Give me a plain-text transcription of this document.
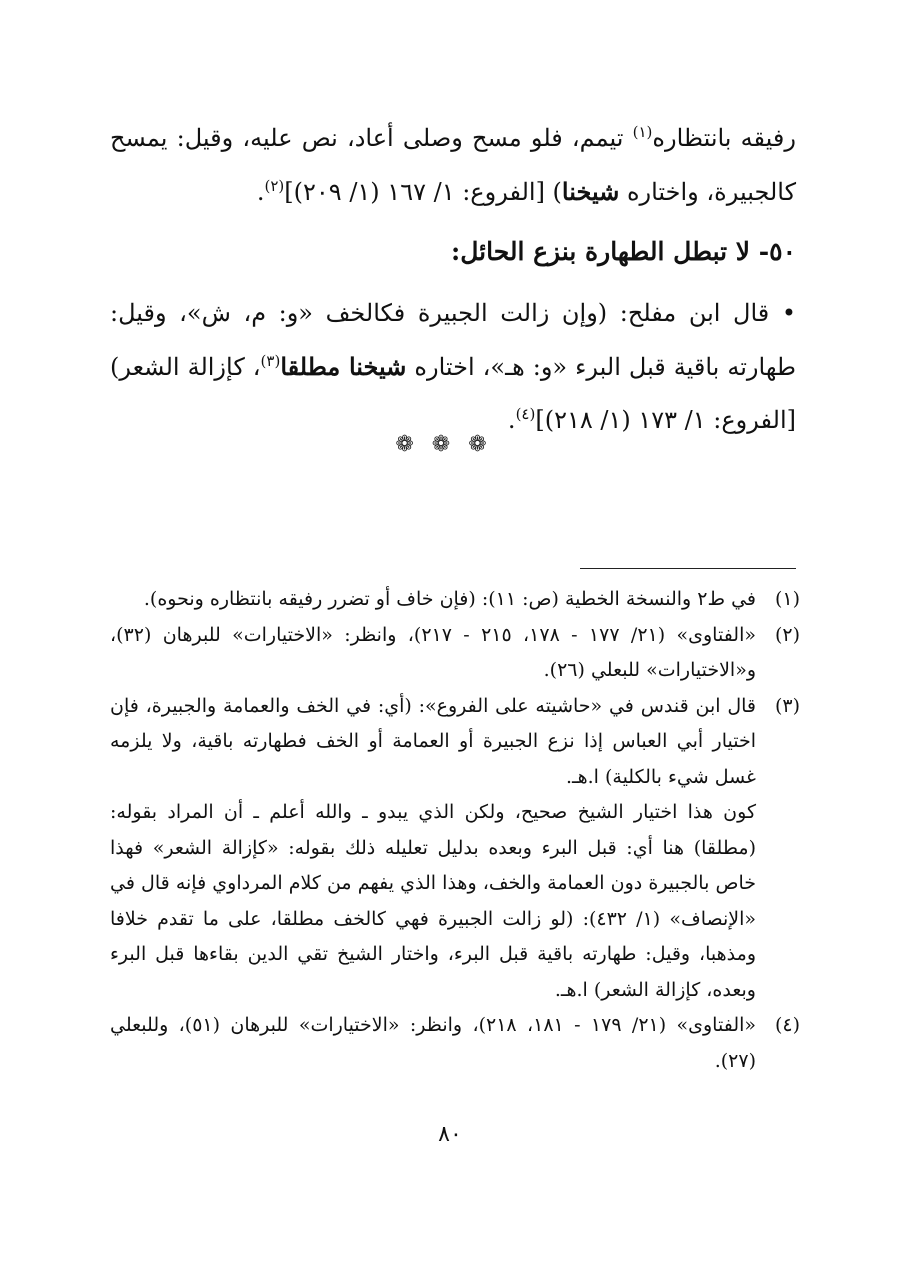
رفيقه بانتظاره$^{(١)}$ تيمم، فلو مسح وصلى أعاد، نص عليه، وقيل: يمسح كالجبيرة، واختاره شيخنا) [الفروع: ١/ ١٦٧ (١/ ٢٠٩)]$^{(٢)}$.

٥٠- لا تبطل الطهارة بنزع الحائل:

• قال ابن مفلح: (وإن زالت الجبيرة فكالخف «و: م، ش»، وقيل: طهارته باقية قبل البرء «و: هـ»، اختاره شيخنا مطلقا$^{(٣)}$، كإزالة الشعر) [الفروع: ١/ ١٧٣ (١/ ٢١٨)]$^{(٤)}$.

❁❁❁
(١)

في ط٢ والنسخة الخطية (ص: ١١): (فإن خاف أو تضرر رفيقه بانتظاره ونحوه).

(٢)

«الفتاوى» (٢١/ ١٧٧ - ١٧٨، ٢١٥ - ٢١٧)، وانظر: «الاختيارات» للبرهان (٣٢)، و«الاختيارات» للبعلي (٢٦).

(٣)

قال ابن قندس في «حاشيته على الفروع»: (أي: في الخف والعمامة والجبيرة، فإن اختيار أبي العباس إذا نزع الجبيرة أو العمامة أو الخف فطهارته باقية، ولا يلزمه غسل شيء بالكلية) ا.هـ.

كون هذا اختيار الشيخ صحيح، ولكن الذي يبدو ـ والله أعلم ـ أن المراد بقوله: (مطلقا) هنا أي: قبل البرء وبعده بدليل تعليله ذلك بقوله: «كإزالة الشعر» فهذا خاص بالجبيرة دون العمامة والخف، وهذا الذي يفهم من كلام المرداوي فإنه قال في «الإنصاف» (١/ ٤٣٢): (لو زالت الجبيرة فهي كالخف مطلقا، على ما تقدم خلافا ومذهبا، وقيل: طهارته باقية قبل البرء، واختار الشيخ تقي الدين بقاءها قبل البرء وبعده، كإزالة الشعر) ا.هـ.

(٤)

«الفتاوى» (٢١/ ١٧٩ - ١٨١، ٢١٨)، وانظر: «الاختيارات» للبرهان (٥١)، وللبعلي (٢٧).

٨٠
